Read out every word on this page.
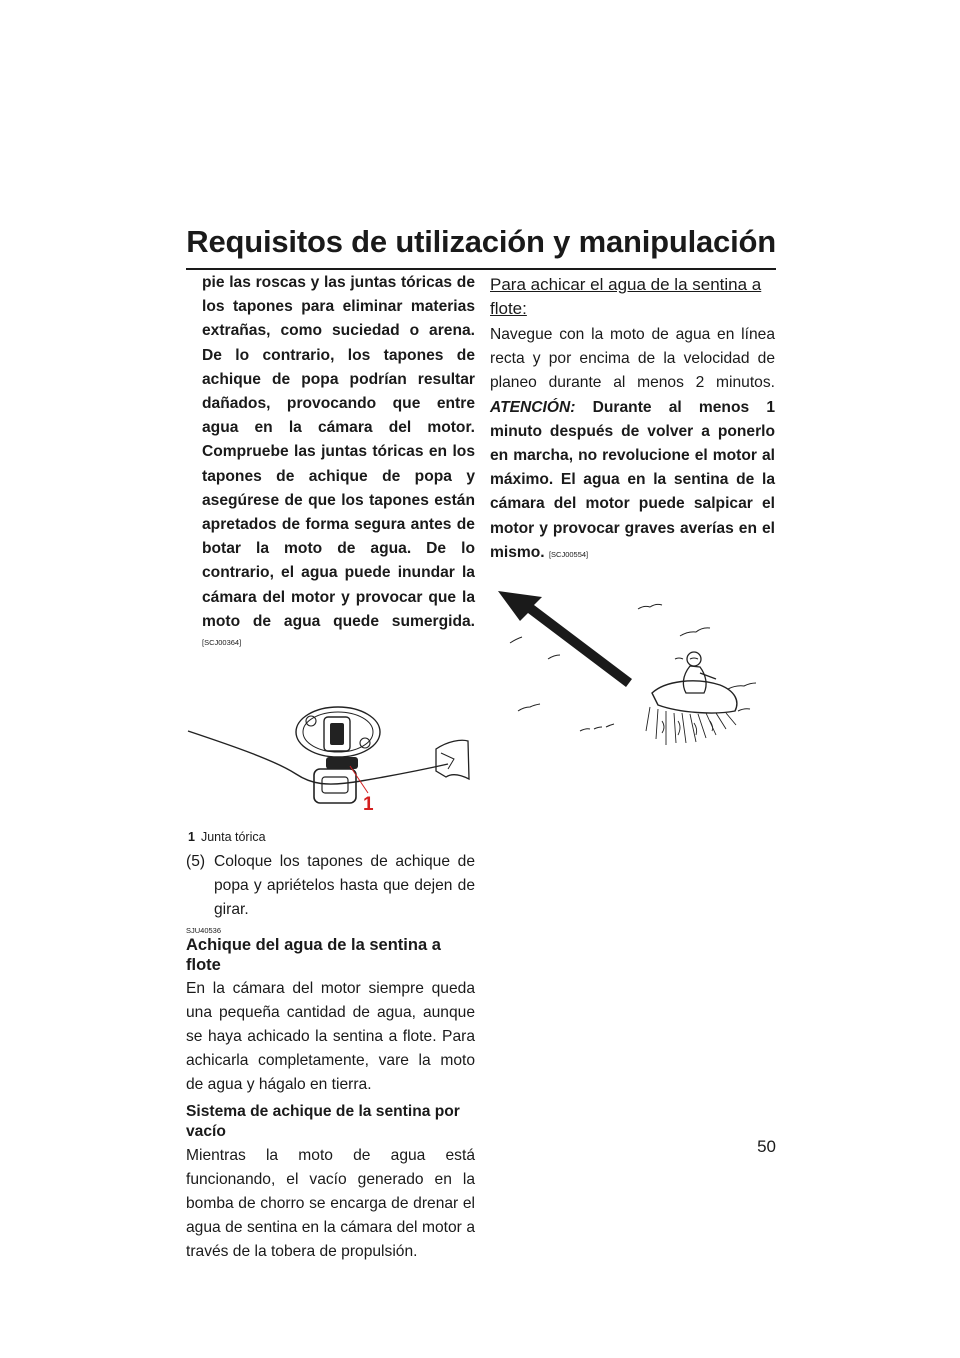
Requisitos de utilización y manipulación

pie las roscas y las juntas tóricas de los tapones para eliminar materias extrañas, como suciedad o arena. De lo contrario, los tapones de achique de popa podrían resultar dañados, provocando que entre agua en la cámara del motor. Compruebe las juntas tóricas en los tapones de achique de popa y asegúrese de que los tapones están apretados de forma segura antes de botar la moto de agua. De lo contrario, el agua puede inundar la cámara del motor y provocar que la moto de agua quede sumergida.

[SCJ00364]
1
1 Junta tórica
(5) Coloque los tapones de achique de popa y apriételos hasta que dejen de girar.
SJU40536
Achique del agua de la sentina a flote

En la cámara del motor siempre queda una pequeña cantidad de agua, aunque se haya achicado la sentina a flote. Para achicarla completamente, vare la moto de agua y hágalo en tierra.

Sistema de achique de la sentina por vacío

Mientras la moto de agua está funcionando, el vacío generado en la bomba de chorro se encarga de drenar el agua de sentina en la cámara del motor a través de la tobera de propulsión.

Para achicar el agua de la sentina a flote:

Navegue con la moto de agua en línea recta y por encima de la velocidad de planeo durante al menos 2 minutos. ATENCIÓN: Durante al menos 1 minuto después de volver a ponerlo en marcha, no revolucione el motor al máximo. El agua en la sentina de la cámara del motor puede salpicar el motor y provocar graves averías en el mismo. [SCJ00554]

50
